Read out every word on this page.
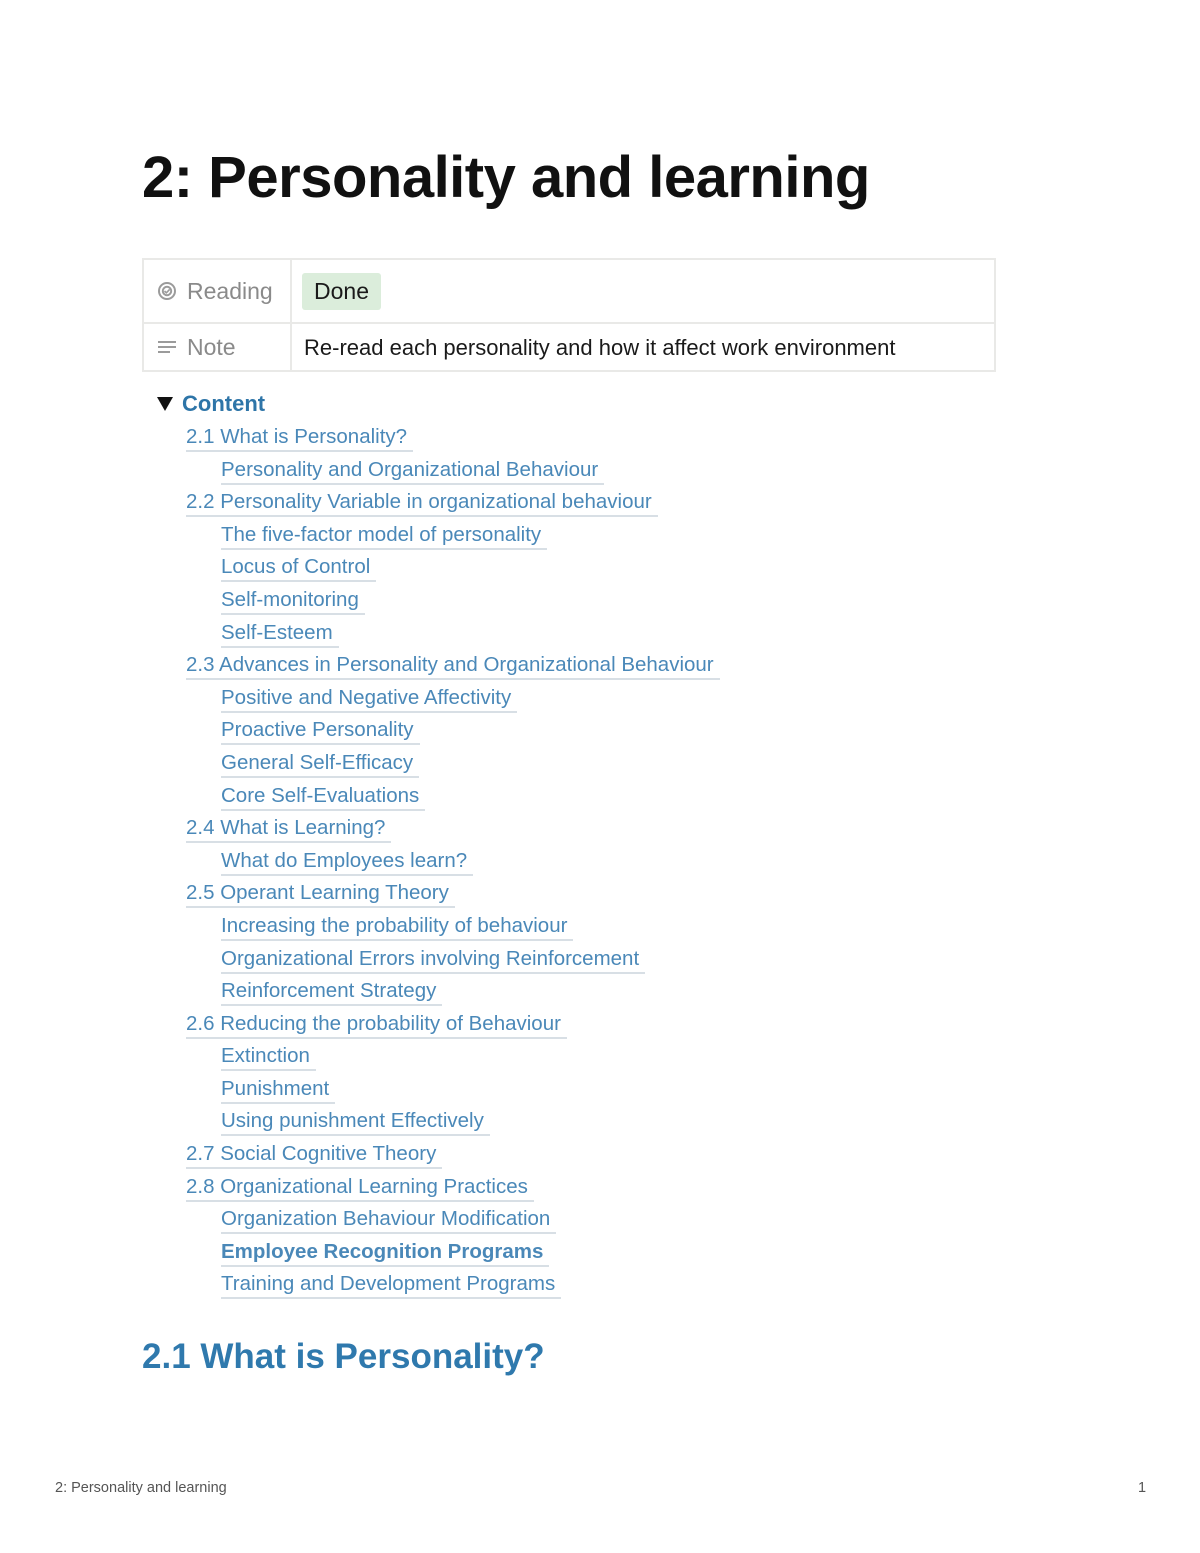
2: Personality and learning
Reading	Done

Note	Re-read each personality and how it affect work environment
Content
2.1 What is Personality?
Personality and Organizational Behaviour
2.2 Personality Variable in organizational behaviour
The five-factor model of personality
Locus of Control
Self-monitoring
Self-Esteem
2.3 Advances in Personality and Organizational Behaviour
Positive and Negative Affectivity
Proactive Personality
General Self-Efficacy
Core Self-Evaluations
2.4 What is Learning?
What do Employees learn?
2.5 Operant Learning Theory
Increasing the probability of behaviour
Organizational Errors involving Reinforcement
Reinforcement Strategy
2.6 Reducing the probability of Behaviour
Extinction
Punishment
Using punishment Effectively
2.7 Social Cognitive Theory
2.8 Organizational Learning Practices
Organization Behaviour Modification
Employee Recognition Programs
Training and Development Programs
2.1 What is Personality?
2: Personality and learning	1
